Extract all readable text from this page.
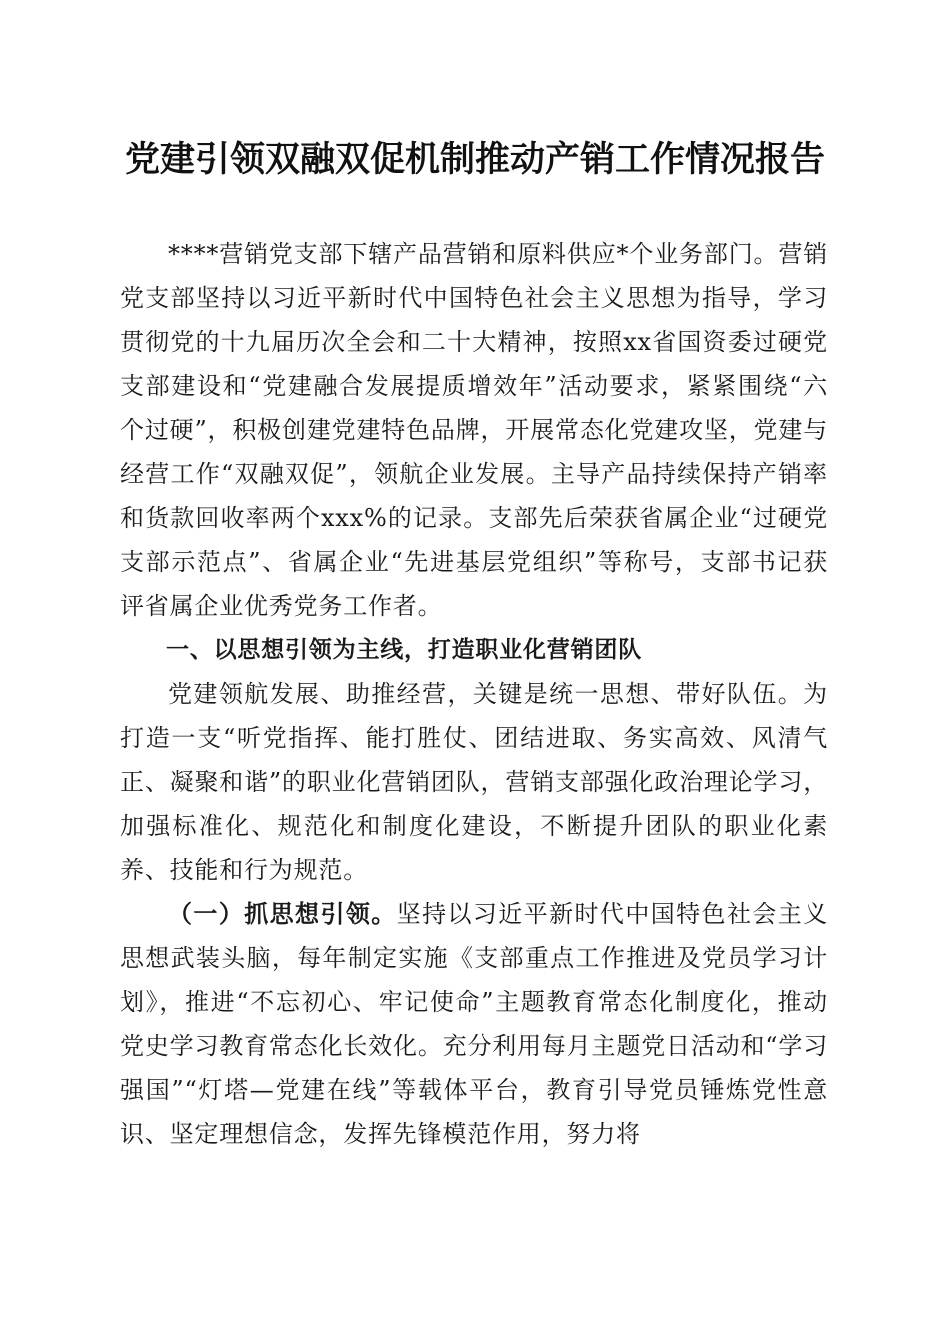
党建引领双融双促机制推动产销工作情况报告

****营销党支部下辖产品营销和原料供应*个业务部门。营销党支部坚持以习近平新时代中国特色社会主义思想为指导，学习贯彻党的十九届历次全会和二十大精神，按照xx省国资委过硬党支部建设和“党建融合发展提质增效年”活动要求，紧紧围绕“六个过硬”，积极创建党建特色品牌，开展常态化党建攻坚，党建与经营工作“双融双促”，领航企业发展。主导产品持续保持产销率和货款回收率两个xxx%的记录。支部先后荣获省属企业“过硬党支部示范点”、省属企业“先进基层党组织”等称号，支部书记获评省属企业优秀党务工作者。

一、以思想引领为主线，打造职业化营销团队

党建领航发展、助推经营，关键是统一思想、带好队伍。为打造一支“听党指挥、能打胜仗、团结进取、务实高效、风清气正、凝聚和谐”的职业化营销团队，营销支部强化政治理论学习，加强标准化、规范化和制度化建设，不断提升团队的职业化素养、技能和行为规范。

（一）抓思想引领。坚持以习近平新时代中国特色社会主义思想武装头脑，每年制定实施《支部重点工作推进及党员学习计划》，推进“不忘初心、牢记使命”主题教育常态化制度化，推动党史学习教育常态化长效化。充分利用每月主题党日活动和“学习强国”“灯塔—党建在线”等载体平台，教育引导党员锤炼党性意识、坚定理想信念，发挥先锋模范作用，努力将
